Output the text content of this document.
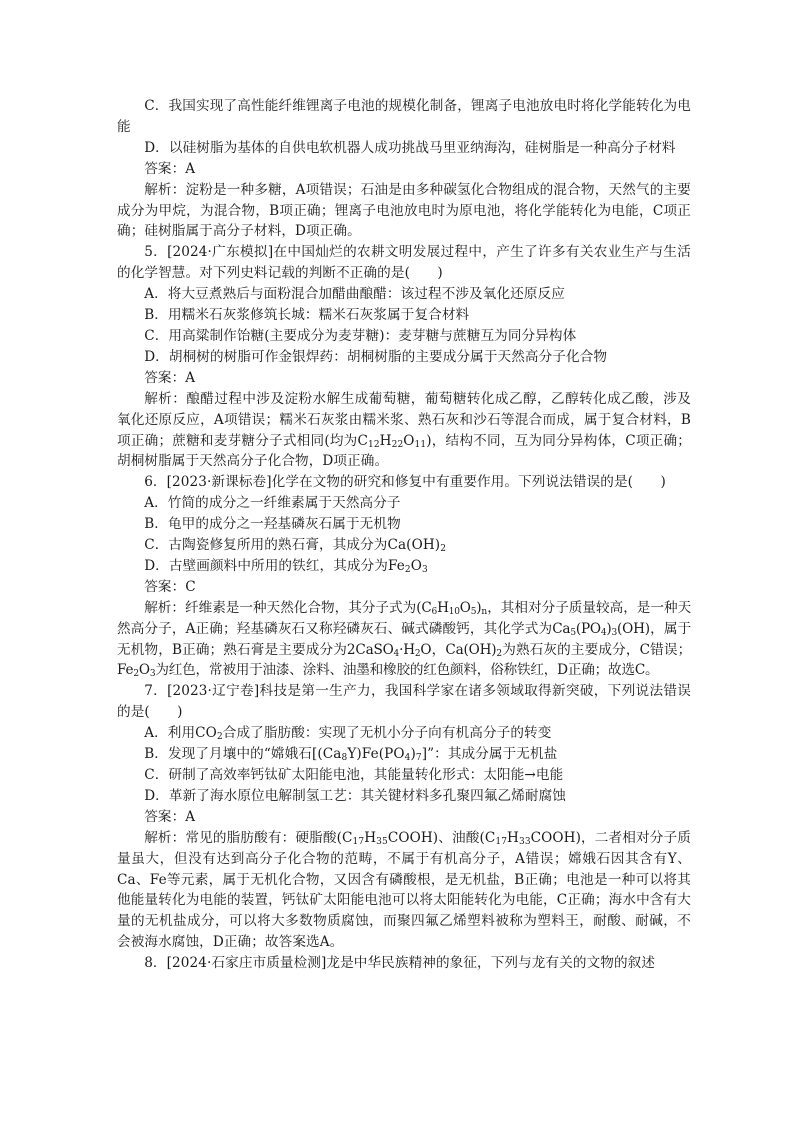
C．我国实现了高性能纤维锂离子电池的规模化制备，锂离子电池放电时将化学能转化为电能

D．以硅树脂为基体的自供电软机器人成功挑战马里亚纳海沟，硅树脂是一种高分子材料

答案：A

解析：淀粉是一种多糖，A项错误；石油是由多种碳氢化合物组成的混合物，天然气的主要成分为甲烷，为混合物，B项正确；锂离子电池放电时为原电池，将化学能转化为电能，C项正确；硅树脂属于高分子材料，D项正确。

5．[2024·广东模拟]在中国灿烂的农耕文明发展过程中，产生了许多有关农业生产与生活的化学智慧。对下列史料记载的判断不正确的是(　　)

A．将大豆煮熟后与面粉混合加醋曲酿醋：该过程不涉及氧化还原反应

B．用糯米石灰浆修筑长城：糯米石灰浆属于复合材料

C．用高粱制作饴糖(主要成分为麦芽糖)：麦芽糖与蔗糖互为同分异构体

D．胡桐树的树脂可作金银焊药：胡桐树脂的主要成分属于天然高分子化合物

答案：A

解析：酿醋过程中涉及淀粉水解生成葡萄糖，葡萄糖转化成乙醇，乙醇转化成乙酸，涉及氧化还原反应，A项错误；糯米石灰浆由糯米浆、熟石灰和沙石等混合而成，属于复合材料，B项正确；蔗糖和麦芽糖分子式相同(均为$C_{12}H_{22}O_{11}$)，结构不同，互为同分异构体，C项正确；胡桐树脂属于天然高分子化合物，D项正确。

6．[2023·新课标卷]化学在文物的研究和修复中有重要作用。下列说法错误的是(　　)

A．竹简的成分之一纤维素属于天然高分子

B．龟甲的成分之一羟基磷灰石属于无机物

C．古陶瓷修复所用的熟石膏，其成分为$Ca(OH)_2$

D．古壁画颜料中所用的铁红，其成分为$Fe_2O_3$

答案：C

解析：纤维素是一种天然化合物，其分子式为$(C_6H_{10}O_5)_n$，其相对分子质量较高，是一种天然高分子，A正确；羟基磷灰石又称羟磷灰石、碱式磷酸钙，其化学式为$Ca_5(PO_4)_3(OH)$，属于无机物，B正确；熟石膏是主要成分为$2CaSO_4\cdot H_2O$，$Ca(OH)_2$为熟石灰的主要成分，C错误；$Fe_2O_3$为红色，常被用于油漆、涂料、油墨和橡胶的红色颜料，俗称铁红，D正确；故选C。

7．[2023·辽宁卷]科技是第一生产力，我国科学家在诸多领域取得新突破，下列说法错误的是(　　)

A．利用$CO_2$合成了脂肪酸：实现了无机小分子向有机高分子的转变

B．发现了月壤中的“嫦娥石$[(Ca_8Y)Fe(PO_4)_7]$”：其成分属于无机盐

C．研制了高效率钙钛矿太阳能电池，其能量转化形式：太阳能→电能

D．革新了海水原位电解制氢工艺：其关键材料多孔聚四氟乙烯耐腐蚀

答案：A

解析：常见的脂肪酸有：硬脂酸$(C_{17}H_{35}COOH)$、油酸$(C_{17}H_{33}COOH)$，二者相对分子质量虽大，但没有达到高分子化合物的范畴，不属于有机高分子，A错误；嫦娥石因其含有Y、Ca、Fe等元素，属于无机化合物，又因含有磷酸根，是无机盐，B正确；电池是一种可以将其他能量转化为电能的装置，钙钛矿太阳能电池可以将太阳能转化为电能，C正确；海水中含有大量的无机盐成分，可以将大多数物质腐蚀，而聚四氟乙烯塑料被称为塑料王，耐酸、耐碱，不会被海水腐蚀，D正确；故答案选A。

8．[2024·石家庄市质量检测]龙是中华民族精神的象征，下列与龙有关的文物的叙述
